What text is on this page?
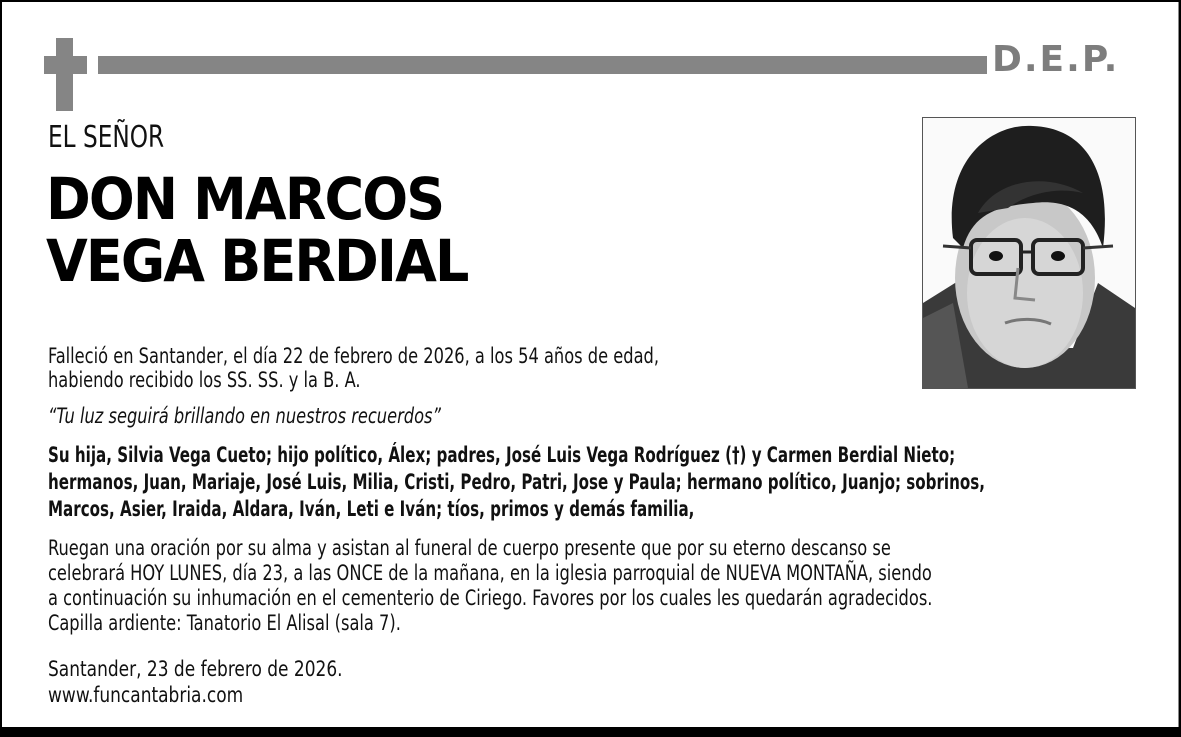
D.E.P.
EL SEÑOR
DON MARCOS
VEGA BERDIAL
Falleció en Santander, el día 22 de febrero de 2026, a los 54 años de edad,
habiendo recibido los SS. SS. y la B. A.
“Tu luz seguirá brillando en nuestros recuerdos”
Su hija, Silvia Vega Cueto; hijo político, Álex; padres, José Luis Vega Rodríguez (†) y Carmen Berdial Nieto;
hermanos, Juan, Mariaje, José Luis, Milia, Cristi, Pedro, Patri, Jose y Paula; hermano político, Juanjo; sobrinos,
Marcos, Asier, Iraida, Aldara, Iván, Leti e Iván; tíos, primos y demás familia,
Ruegan una oración por su alma y asistan al funeral de cuerpo presente que por su eterno descanso se
celebrará HOY LUNES, día 23, a las ONCE de la mañana, en la iglesia parroquial de NUEVA MONTAÑA, siendo
a continuación su inhumación en el cementerio de Ciriego. Favores por los cuales les quedarán agradecidos.
Capilla ardiente: Tanatorio El Alisal (sala 7).
Santander, 23 de febrero de 2026.
www.funcantabria.com
